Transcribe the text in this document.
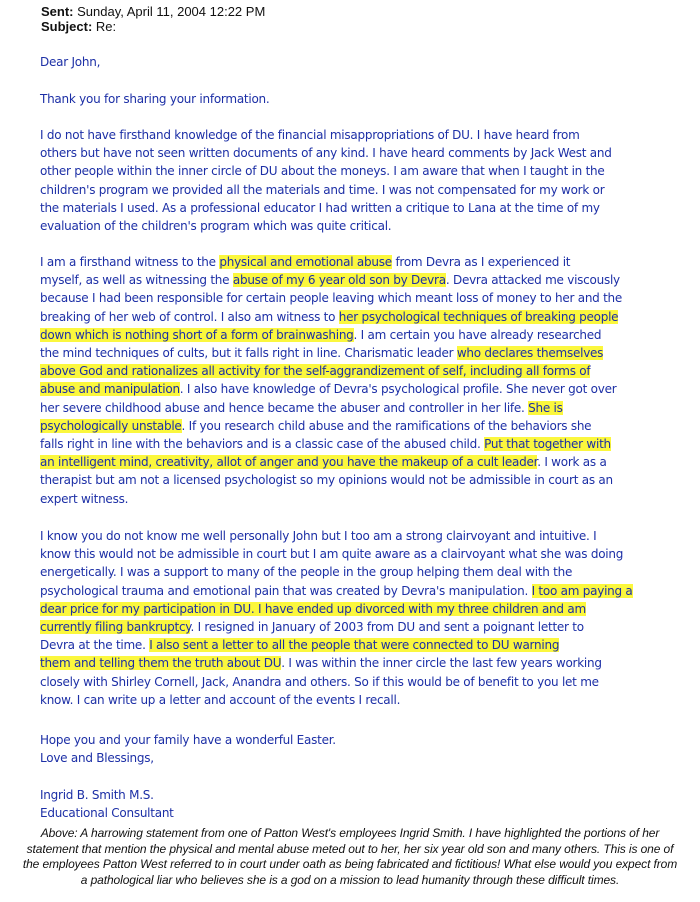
Sent: Sunday, April 11, 2004 12:22 PM
Subject: Re:
Dear John,
Thank you for sharing your information.
I do not have firsthand knowledge of the financial misappropriations of DU. I have heard from
others but have not seen written documents of any kind. I have heard comments by Jack West and
other people within the inner circle of DU about the moneys. I am aware that when I taught in the
children's program we provided all the materials and time. I was not compensated for my work or
the materials I used. As a professional educator I had written a critique to Lana at the time of my
evaluation of the children's program which was quite critical.
I am a firsthand witness to the physical and emotional abuse from Devra as I experienced it
myself, as well as witnessing the abuse of my 6 year old son by Devra. Devra attacked me viscously
because I had been responsible for certain people leaving which meant loss of money to her and the
breaking of her web of control. I also am witness to her psychological techniques of breaking people
down which is nothing short of a form of brainwashing. I am certain you have already researched
the mind techniques of cults, but it falls right in line. Charismatic leader who declares themselves
above God and rationalizes all activity for the self-aggrandizement of self, including all forms of
abuse and manipulation. I also have knowledge of Devra's psychological profile. She never got over
her severe childhood abuse and hence became the abuser and controller in her life. She is
psychologically unstable. If you research child abuse and the ramifications of the behaviors she
falls right in line with the behaviors and is a classic case of the abused child. Put that together with
an intelligent mind, creativity, allot of anger and you have the makeup of a cult leader. I work as a
therapist but am not a licensed psychologist so my opinions would not be admissible in court as an
expert witness.
I know you do not know me well personally John but I too am a strong clairvoyant and intuitive. I
know this would not be admissible in court but I am quite aware as a clairvoyant what she was doing
energetically. I was a support to many of the people in the group helping them deal with the
psychological trauma and emotional pain that was created by Devra's manipulation. I too am paying a
dear price for my participation in DU. I have ended up divorced with my three children and am
currently filing bankruptcy. I resigned in January of 2003 from DU and sent a poignant letter to
Devra at the time. I also sent a letter to all the people that were connected to DU warning
them and telling them the truth about DU. I was within the inner circle the last few years working
closely with Shirley Cornell, Jack, Anandra and others. So if this would be of benefit to you let me
know. I can write up a letter and account of the events I recall.
Hope you and your family have a wonderful Easter.
Love and Blessings,
Ingrid B. Smith M.S.
Educational Consultant
Above: A harrowing statement from one of Patton West's employees Ingrid Smith. I have highlighted the portions of her
statement that mention the physical and mental abuse meted out to her, her six year old son and many others. This is one of
the employees Patton West referred to in court under oath as being fabricated and fictitious! What else would you expect from
a pathological liar who believes she is a god on a mission to lead humanity through these difficult times.
